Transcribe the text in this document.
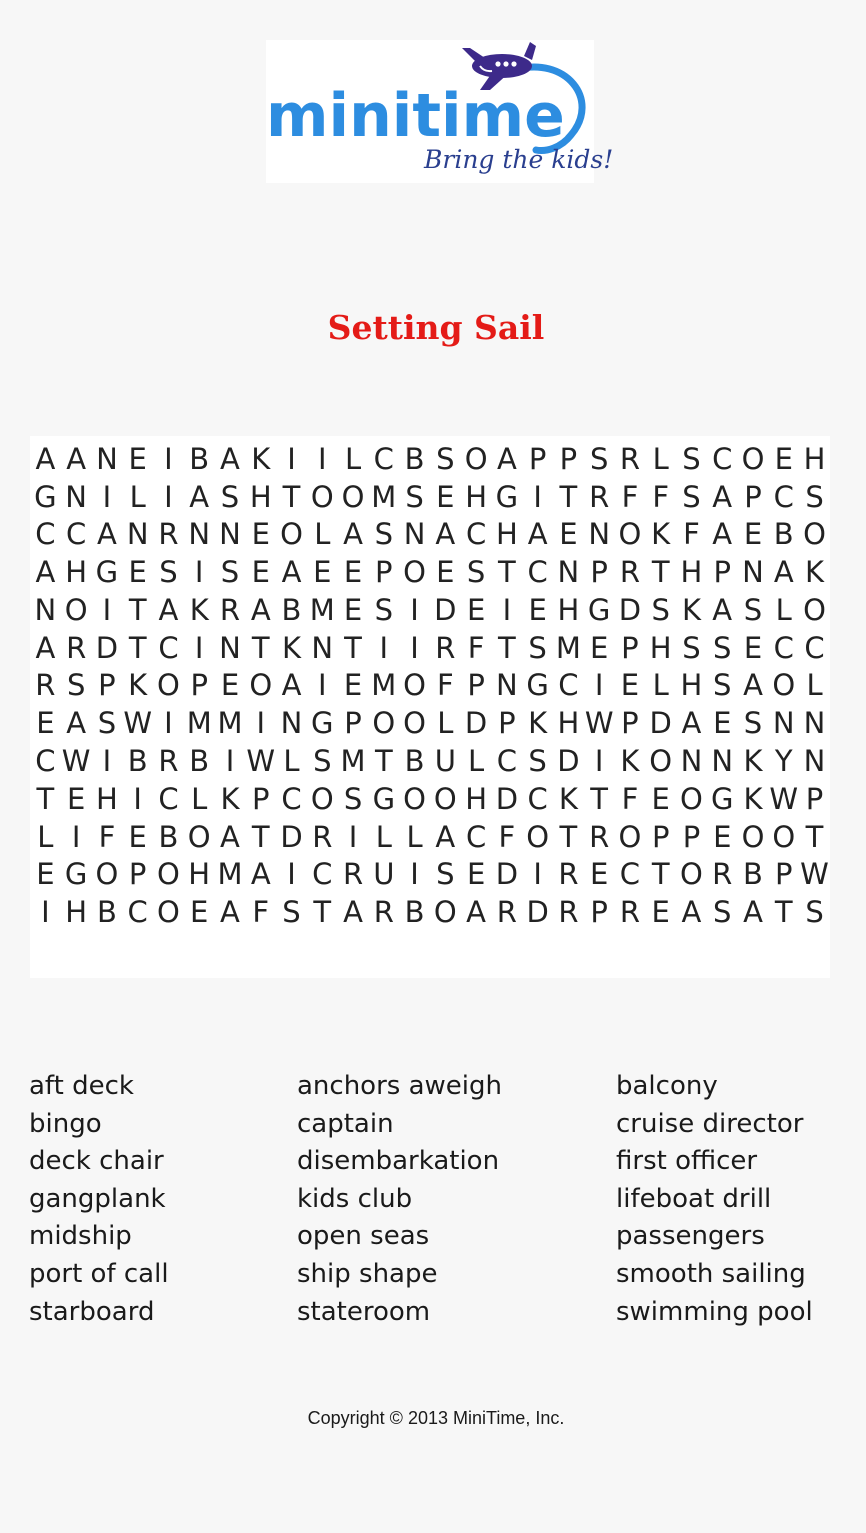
minitime
Bring the kids!
Setting Sail
A A N E I B A K I I L C B S O A P P S R L S C O E H
G N I L I A S H T O O M S E H G I T R F F S A P C S
C C A N R N N E O L A S N A C H A E N O K F A E B O
A H G E S I S E A E E P O E S T C N P R T H P N A K
N O I T A K R A B M E S I D E I E H G D S K A S L O
A R D T C I N T K N T I I R F T S M E P H S S E C C
R S P K O P E O A I E M O F P N G C I E L H S A O L
E A S W I M M I N G P O O L D P K H W P D A E S N N
C W I B R B I W L S M T B U L C S D I K O N N K Y N
T E H I C L K P C O S G O O H D C K T F E O G K W P
L I F E B O A T D R I L L A C F O T R O P P E O O T
E G O P O H M A I C R U I S E D I R E C T O R B P W
I H B C O E A F S T A R B O A R D R P R E A S A T S
aft deck
bingo
deck chair
gangplank
midship
port of call
starboard
anchors aweigh
captain
disembarkation
kids club
open seas
ship shape
stateroom
balcony
cruise director
first officer
lifeboat drill
passengers
smooth sailing
swimming pool
Copyright © 2013 MiniTime, Inc.
